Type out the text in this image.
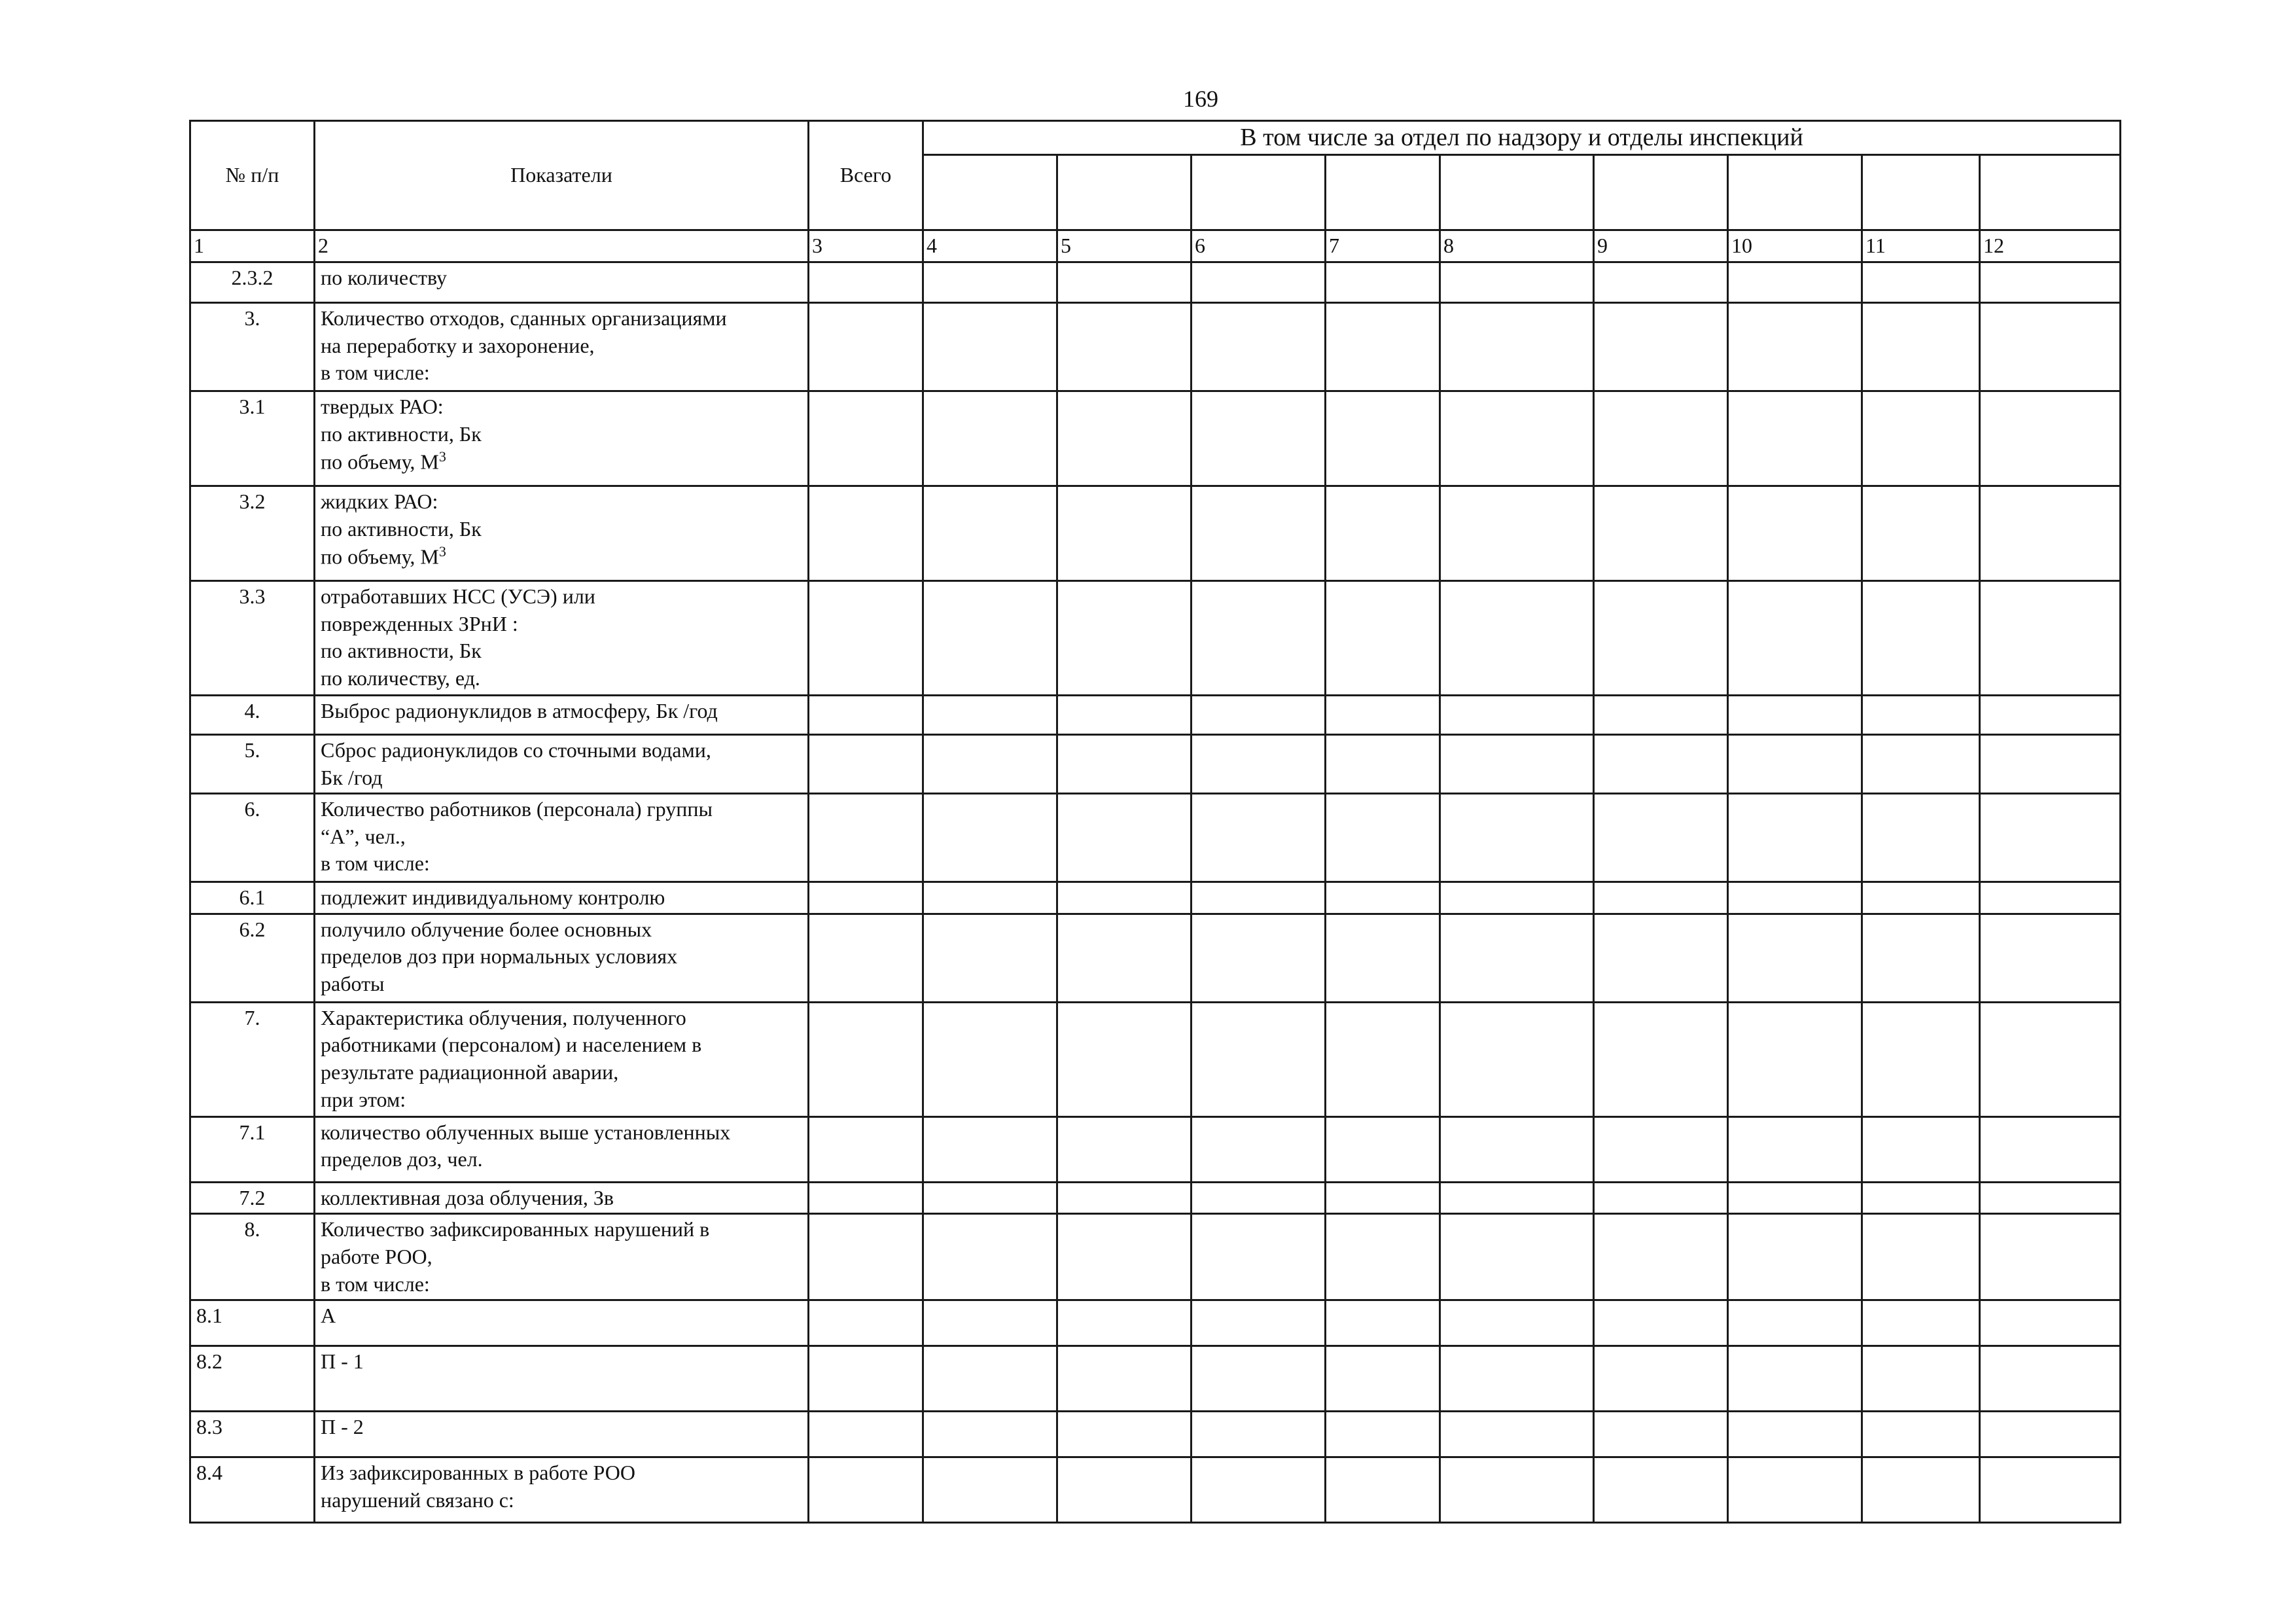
169
№ п/п	Показатели	Всего	В том числе за отдел по надзору и отделы инспекций								

1	2	3	4	5	6	7	8	9	10	11	12
2.3.2	по количеству										

3.	Количество отходов, сданных организациями
на переработку и захоронение,
в том числе:										

3.1	твердых РАО:
по активности, Бк
по объему, $М^3$

3.2	жидких РАО:
по активности, Бк
по объему, $М^3$

3.3	отработавших НСС (УСЭ) или
поврежденных ЗРнИ :
по активности, Бк
по количеству, ед.										

4.	Выброс радионуклидов в атмосферу, Бк /год										

5.	Сброс радионуклидов со сточными водами,
Бк /год										

6.	Количество работников (персонала) группы
“А”, чел.,
в том числе:										

6.1	подлежит индивидуальному контролю										

6.2	получило облучение более основных
пределов доз при нормальных условиях
работы										

7.	Характеристика облучения, полученного
работниками (персоналом) и населением в
результате радиационной аварии,
при этом:										

7.1	количество облученных выше установленных
пределов доз, чел.										

7.2	коллективная доза облучения, Зв										

8.	Количество зафиксированных нарушений в
работе РОО,
в том числе:										

8.1	А										

8.2	П - 1										

8.3	П - 2										

8.4	Из зафиксированных в работе РОО
нарушений связано с:										
